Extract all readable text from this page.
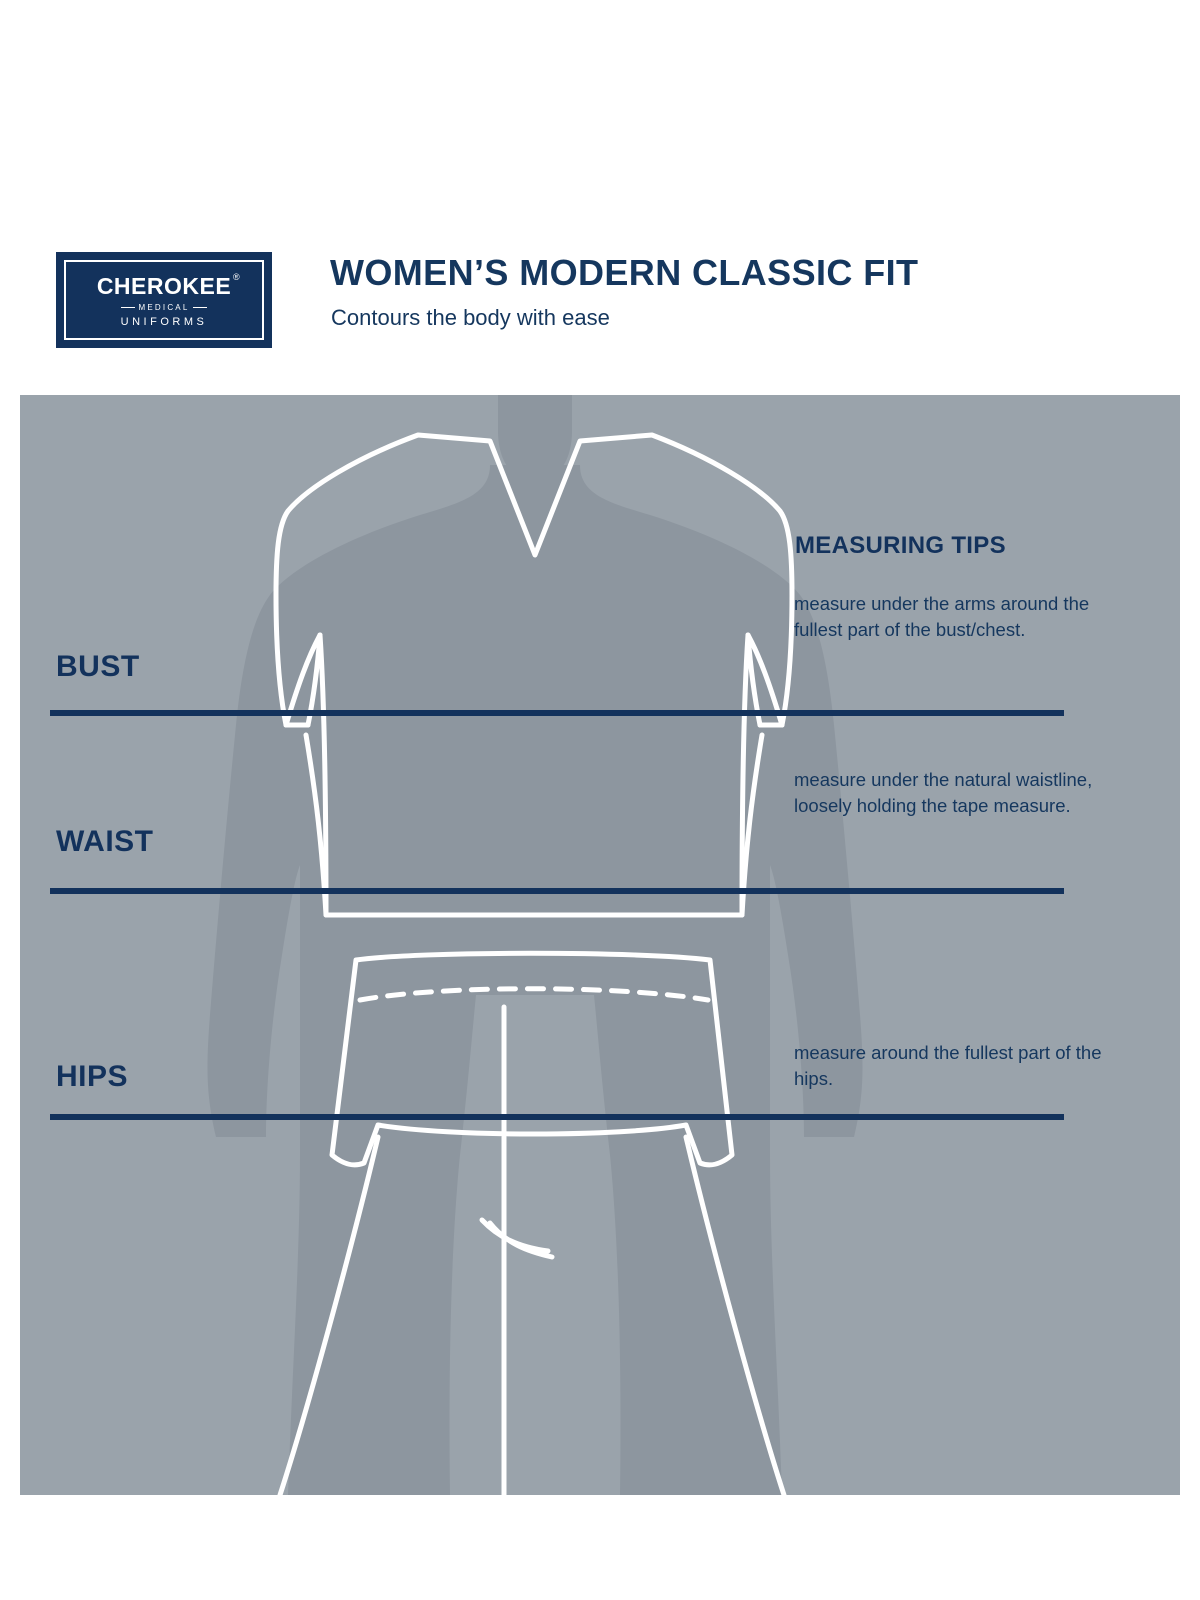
CHEROKEE ®
MEDICAL
UNIFORMS
WOMEN’S MODERN CLASSIC FIT
Contours the body with ease
BUST
WAIST
HIPS
MEASURING TIPS
measure under the arms around the fullest part of the bust/chest.
measure under the natural waistline, loosely holding the tape measure.
measure around the fullest part of the hips.
